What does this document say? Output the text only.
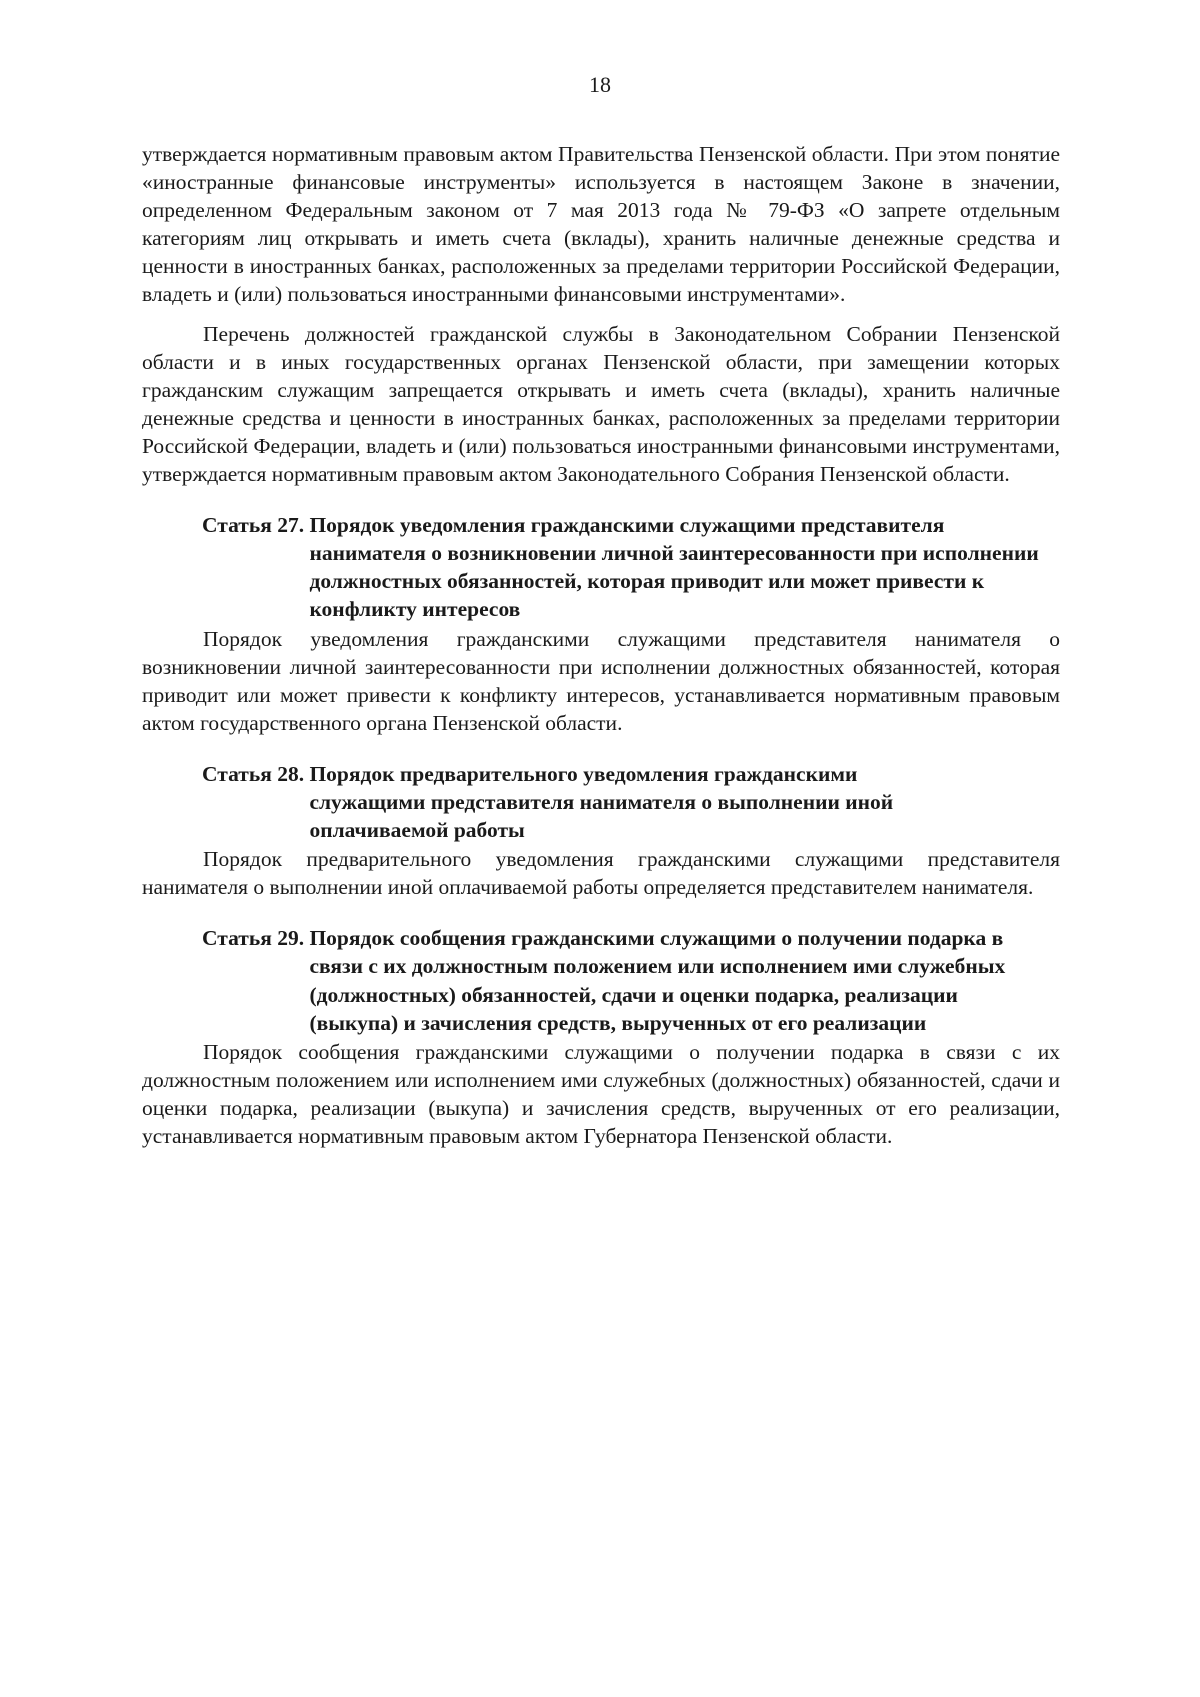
18

утверждается нормативным правовым актом Правительства Пензенской области. При этом понятие «иностранные финансовые инструменты» используется в настоящем Законе в значении, определенном Федеральным законом от 7 мая 2013 года № 79-ФЗ «О запрете отдельным категориям лиц открывать и иметь счета (вклады), хранить наличные денежные средства и ценности в иностранных банках, расположенных за пределами территории Российской Федерации, владеть и (или) пользоваться иностранными финансовыми инструментами».

Перечень должностей гражданской службы в Законодательном Собрании Пензенской области и в иных государственных органах Пензенской области, при замещении которых гражданским служащим запрещается открывать и иметь счета (вклады), хранить наличные денежные средства и ценности в иностранных банках, расположенных за пределами территории Российской Федерации, владеть и (или) пользоваться иностранными финансовыми инструментами, утверждается нормативным правовым актом Законодательного Собрания Пензенской области.

Статья 27. Порядок уведомления гражданскими служащими представителя нанимателя о возникновении личной заинтересованности при исполнении должностных обязанностей, которая приводит или может привести к конфликту интересов

Порядок уведомления гражданскими служащими представителя нанимателя о возникновении личной заинтересованности при исполнении должностных обязанностей, которая приводит или может привести к конфликту интересов, устанавливается нормативным правовым актом государственного органа Пензенской области.

Статья 28. Порядок предварительного уведомления гражданскими служащими представителя нанимателя о выполнении иной оплачиваемой работы

Порядок предварительного уведомления гражданскими служащими представителя нанимателя о выполнении иной оплачиваемой работы определяется представителем нанимателя.

Статья 29. Порядок сообщения гражданскими служащими о получении подарка в связи с их должностным положением или исполнением ими служебных (должностных) обязанностей, сдачи и оценки подарка, реализации (выкупа) и зачисления средств, вырученных от его реализации

Порядок сообщения гражданскими служащими о получении подарка в связи с их должностным положением или исполнением ими служебных (должностных) обязанностей, сдачи и оценки подарка, реализации (выкупа) и зачисления средств, вырученных от его реализации, устанавливается нормативным правовым актом Губернатора Пензенской области.
